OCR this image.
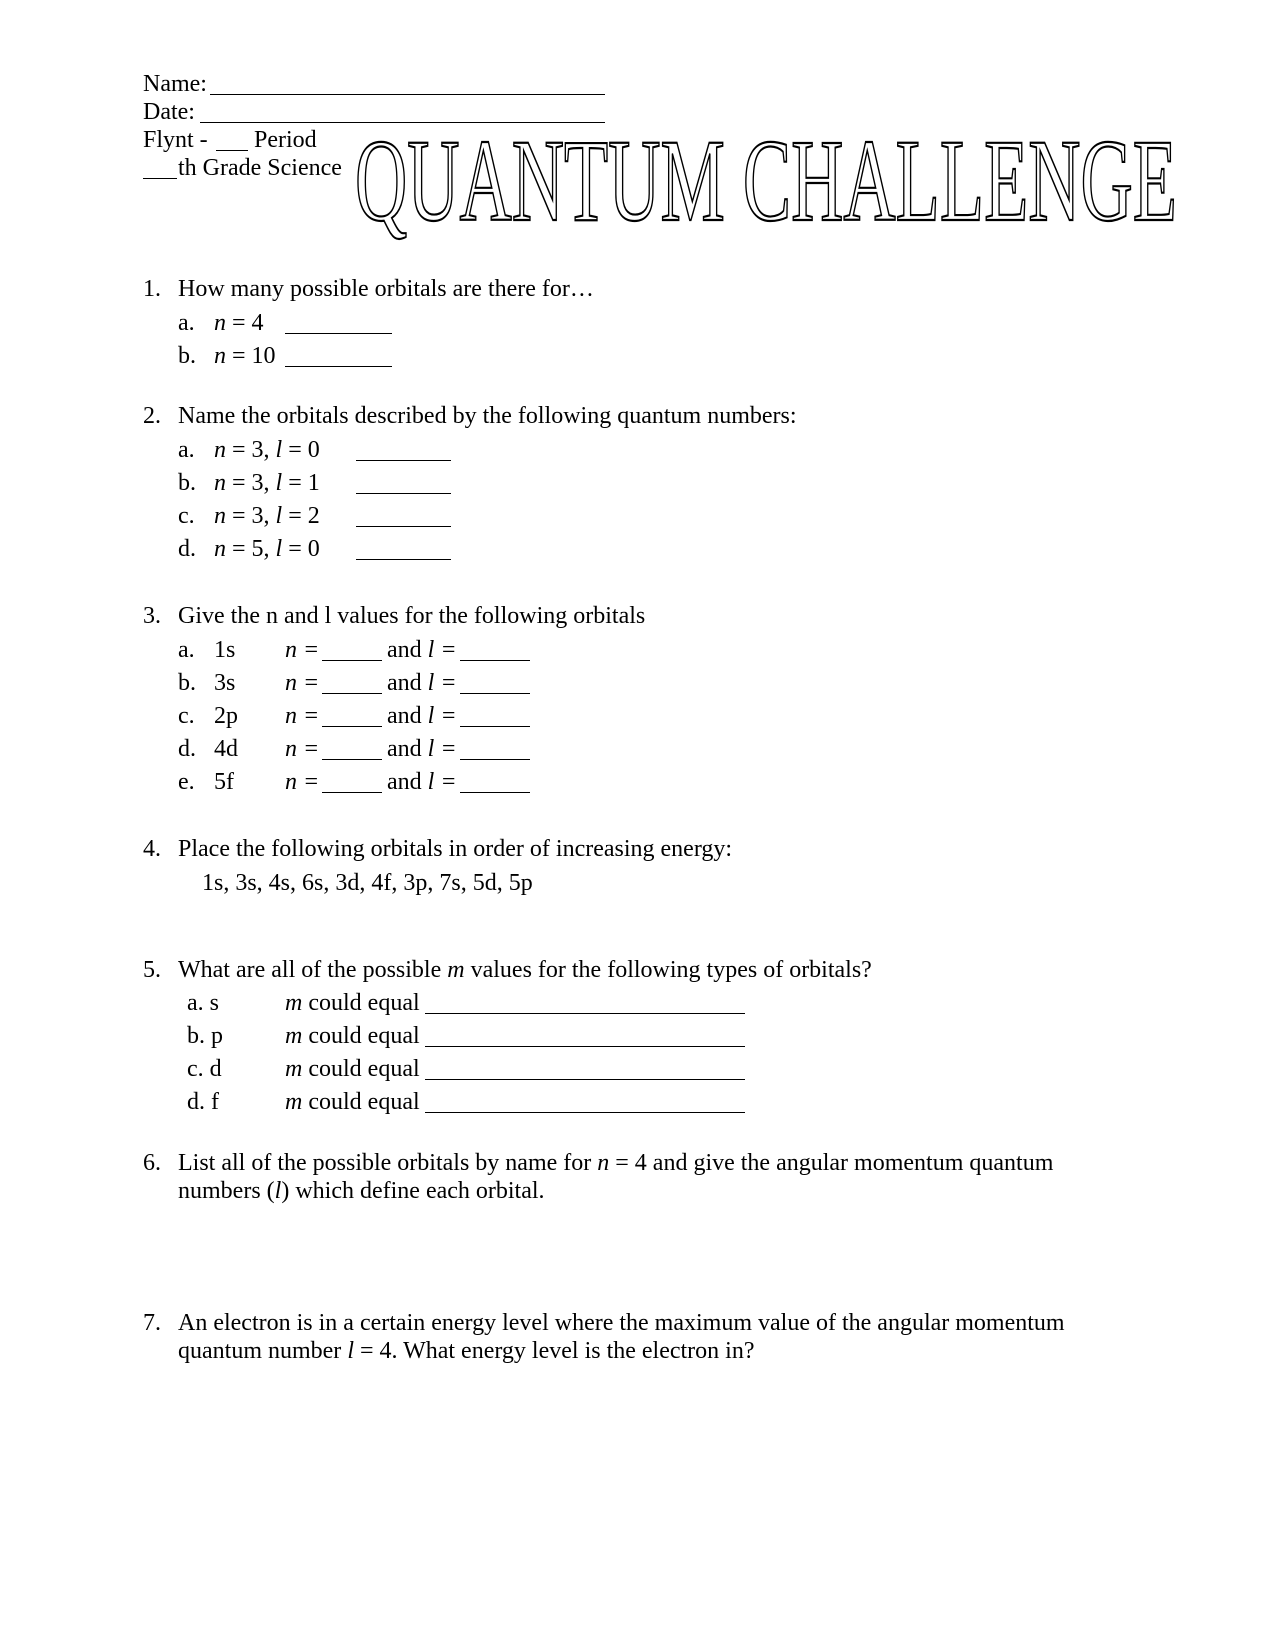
Name:
Date:
Flynt - Period
th Grade Science QUANTUM CHALLENGE
1. How many possible orbitals are there for…
a. n = 4
b. n = 10
2. Name the orbitals described by the following quantum numbers:
a. n = 3, l = 0
b. n = 3, l = 1
c. n = 3, l = 2
d. n = 5, l = 0
3. Give the n and l values for the following orbitals
a. 1s n =	and l =
b. 3s n =	and l =
c. 2p n =	and l =
d. 4d n =	and l =
e. 5f n =	and l =
4. Place the following orbitals in order of increasing energy:
1s, 3s, 4s, 6s, 3d, 4f, 3p, 7s, 5d, 5p
5. What are all of the possible m values for the following types of orbitals?
a. s	m could equal
b. p	m could equal
c. d	m could equal
d. f	m could equal
6. List all of the possible orbitals by name for n = 4 and give the angular momentum quantum
numbers (l) which define each orbital.
7. An electron is in a certain energy level where the maximum value of the angular momentum
quantum number l = 4. What energy level is the electron in?
